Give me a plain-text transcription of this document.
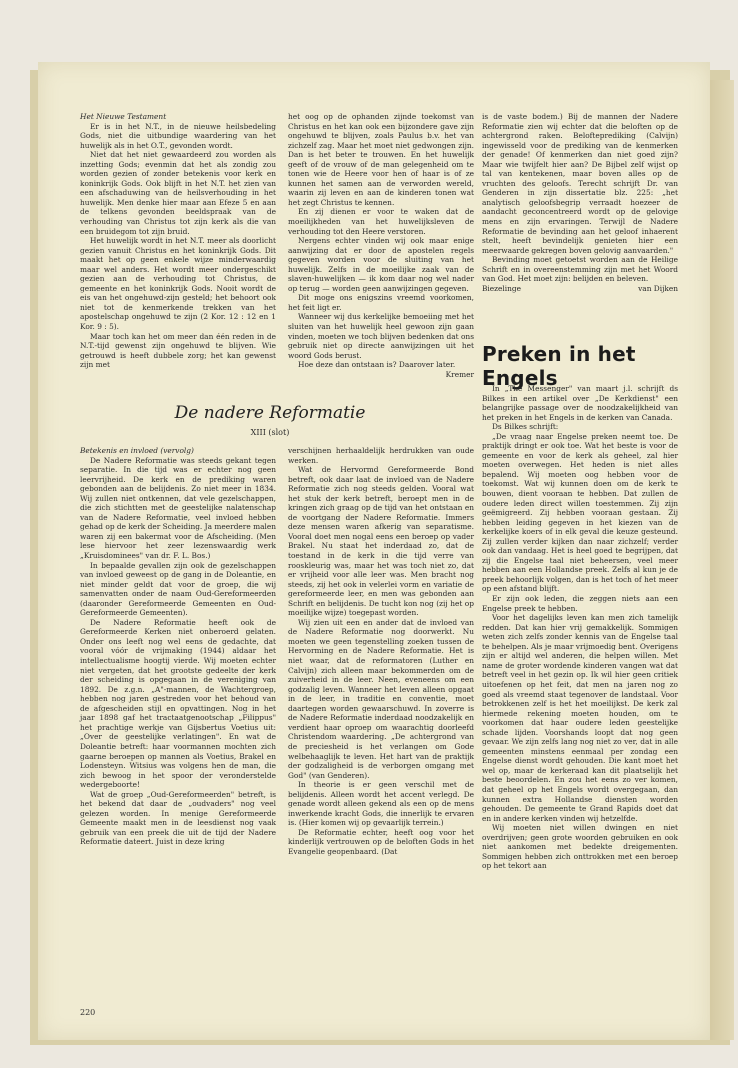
Het Nieuwe Testament

Er is in het N.T., in de nieuwe heilsbedeling Gods, niet die uitbundige waardering van het huwelijk als in het O.T., gevonden wordt.

Niet dat het niet gewaardeerd zou worden als inzetting Gods; evenmin dat het als zondig zou worden gezien of zonder betekenis voor kerk en koninkrijk Gods. Ook blijft in het N.T. het zien van een afschaduwing van de heilsverhouding in het huwelijk. Men denke hier maar aan Efeze 5 en aan de telkens gevonden beeldspraak van de verhouding van Christus tot zijn kerk als die van een bruidegom tot zijn bruid.

Het huwelijk wordt in het N.T. meer als doorlicht gezien vanuit Christus en het koninkrijk Gods. Dit maakt het op geen enkele wijze minderwaardig maar wel anders. Het wordt meer ondergeschikt gezien aan de verhouding tot Christus, de gemeente en het koninkrijk Gods. Nooit wordt de eis van het ongehuwd-zijn gesteld; het behoort ook niet tot de kenmerkende trekken van het apostelschap ongehuwd te zijn (2 Kor. 12 : 12 en 1 Kor. 9 : 5).

Maar toch kan het om meer dan één reden in de N.T.-tijd gewenst zijn ongehuwd te blijven. Wie getrouwd is heeft dubbele zorg; het kan gewenst zijn met

het oog op de ophanden zijnde toekomst van Christus en het kan ook een bijzondere gave zijn ongehuwd te blijven, zoals Paulus b.v. het van zichzelf zag. Maar het moet niet gedwongen zijn. Dan is het beter te trouwen. En het huwelijk geeft of de vrouw of de man gelegenheid om te tonen wie de Heere voor hen of haar is of ze kunnen het samen aan de verworden wereld, waarin zij leven en aan de kinderen tonen wat het zegt Christus te kennen.

En zij dienen er voor te waken dat de moeilijkheden van het huwelijksleven de verhouding tot den Heere verstoren.

Nergens echter vinden wij ook maar enige aanwijzing dat er door de apostelen regels gegeven worden voor de sluiting van het huwelijk. Zelfs in de moeilijke zaak van de slaven-huwelijken — ik kom daar nog wel nader op terug — worden geen aanwijzingen gegeven.

Dit moge ons enigszins vreemd voorkomen, het feit ligt er.

Wanneer wij dus kerkelijke bemoeiing met het sluiten van het huwelijk heel gewoon zijn gaan vinden, moeten we toch blijven bedenken dat ons gebruik niet op directe aanwijzingen uit het woord Gods berust.

Hoe deze dan ontstaan is? Daarover later.

Kremer

is de vaste bodem.) Bij de mannen der Nadere Reformatie zien wij echter dat die beloften op de achtergrond raken. Belofteprediking (Calvijn) ingewisseld voor de prediking van de kenmerken der genade! Of kenmerken dan niet goed zijn? Maar wie twijfelt hier aan? De Bijbel zelf wijst op tal van kentekenen, maar boven alles op de vruchten des geloofs. Terecht schrijft Dr. van Genderen in zijn dissertatie blz. 225: „het analytisch geloofsbegrip verraadt hoezeer de aandacht geconcentreerd wordt op de gelovige mens en zijn ervaringen. Terwijl de Nadere Reformatie de bevinding aan het geloof inhaerent stelt, heeft bevindelijk genieten hier een meerwaarde gekregen boven gelovig aanvaarden."

Bevinding moet getoetst worden aan de Heilige Schrift en in overeenstemming zijn met het Woord van God. Het moet zijn: belijden en beleven.

Biezelinge	van Dijken
Preken in het Engels

In „The Messenger" van maart j.l. schrijft ds Bilkes in een artikel over „De Kerkdienst" een belangrijke passage over de noodzakelijkheid van het preken in het Engels in de kerken van Canada.

Ds Bilkes schrijft:

„De vraag naar Engelse preken neemt toe. De praktijk dringt er ook toe. Wat het beste is voor de gemeente en voor de kerk als geheel, zal hier moeten overwegen. Het heden is niet alles bepalend. Wij moeten oog hebben voor de toekomst. Wat wij kunnen doen om de kerk te bouwen, dient vooraan te hebben. Dat zullen de oudere leden direct willen toestemmen. Zij zijn geëmigreerd. Zij hebben vooraan gestaan. Zij hebben leiding gegeven in het kiezen van de kerkelijke koers of in elk geval die keuze gesteund. Zij zullen verder kijken dan naar zichzelf; verder ook dan vandaag. Het is heel goed te begrijpen, dat zij die Engelse taal niet beheersen, veel meer hebben aan een Hollandse preek. Zelfs al kun je de preek behoorlijk volgen, dan is het toch of het meer op een afstand blijft.

Er zijn ook leden, die zeggen niets aan een Engelse preek te hebben.

Voor het dagelijks leven kan men zich tamelijk redden. Dat kan hier vrij gemakkelijk. Sommigen weten zich zelfs zonder kennis van de Engelse taal te behelpen. Als je maar vrijmoedig bent. Overigens zijn er altijd wel anderen, die helpen willen. Met name de groter wordende kinderen vangen wat dat betreft veel in het gezin op. Ik wil hier geen critiek uitoefenen op het feit, dat men na jaren nog zo goed als vreemd staat tegenover de landstaal. Voor betrokkenen zelf is het het moeilijkst. De kerk zal hiermede rekening moeten houden, om te voorkomen dat haar oudere leden geestelijke schade lijden. Voorshands loopt dat nog geen gevaar. We zijn zelfs lang nog niet zo ver, dat in alle gemeenten minstens eenmaal per zondag een Engelse dienst wordt gehouden. Die kant moet het wel op, maar de kerkeraad kan dit plaatselijk het beste beoordelen. En zou het eens zo ver komen, dat geheel op het Engels wordt overgegaan, dan kunnen extra Hollandse diensten worden gehouden. De gemeente te Grand Rapids doet dat en in andere kerken vinden wij hetzelfde.

Wij moeten niet willen dwingen en niet overdrijven; geen grote woorden gebruiken en ook niet aankomen met bedekte dreigementen. Sommigen hebben zich onttrokken met een beroep op het tekort aan

De nadere Reformatie
XIII (slot)

Betekenis en invloed (vervolg)

De Nadere Reformatie was steeds gekant tegen separatie. In die tijd was er echter nog geen leervrijheid. De kerk en de prediking waren gebonden aan de belijdenis. Zo niet meer in 1834. Wij zullen niet ontkennen, dat vele gezelschappen, die zich stichtten met de geestelijke nalatenschap van de Nadere Reformatie, veel invloed hebben gehad op de kerk der Scheiding. Ja meerdere malen waren zij een bakermat voor de Afscheiding. (Men lese hiervoor het zeer lezenswaardig werk „Kruisdominees" van dr. F. L. Bos.)

In bepaalde gevallen zijn ook de gezelschappen van invloed geweest op de gang in de Doleantie, en niet minder geldt dat voor de groep, die wij samenvatten onder de naam Oud-Gereformeerden (daaronder Gereformeerde Gemeenten en Oud-Gereformeerde Gemeenten).

De Nadere Reformatie heeft ook de Gereformeerde Kerken niet onberoerd gelaten. Onder ons leeft nog wel eens de gedachte, dat vooral vóór de vrijmaking (1944) aldaar het intellectualisme hoogtij vierde. Wij moeten echter niet vergeten, dat het grootste gedeelte der kerk der scheiding is opgegaan in de vereniging van 1892. De z.g.n. „A"-mannen, de Wachtergroep, hebben nog jaren gestreden voor het behoud van de afgescheiden stijl en opvattingen. Nog in het jaar 1898 gaf het tractaatgenootschap „Filippus" het prachtige werkje van Gijsbertus Voetius uit: „Over de geestelijke verlatingen". En wat de Doleantie betreft: haar voormannen mochten zich gaarne beroepen op mannen als Voetius, Brakel en Lodensteyn. Witsius was volgens hen de man, die zich bewoog in het spoor der veronderstelde wedergeboorte!

Wat de groep „Oud-Gereformeerden" betreft, is het bekend dat daar de „oudvaders" nog veel gelezen worden. In menige Gereformeerde Gemeente maakt men in de leesdienst nog vaak gebruik van een preek die uit de tijd der Nadere Reformatie dateert. Juist in deze kring

verschijnen herhaaldelijk herdrukken van oude werken.

Wat de Hervormd Gereformeerde Bond betreft, ook daar laat de invloed van de Nadere Reformatie zich nog steeds gelden. Vooral wat het stuk der kerk betreft, beroept men in de kringen zich graag op de tijd van het ontstaan en de voortgang der Nadere Reformatie. Immers deze mensen waren afkerig van separatisme. Vooral doet men nogal eens een beroep op vader Brakel. Nu staat het inderdaad zo, dat de toestand in de kerk in die tijd verre van rooskleurig was, maar het was toch niet zo, dat er vrijheid voor alle leer was. Men bracht nog steeds, zij het ook in velerlei vorm en variatie de gereformeerde leer, en men was gebonden aan Schrift en belijdenis. De tucht kon nog (zij het op moeilijke wijze) toegepast worden.

Wij zien uit een en ander dat de invloed van de Nadere Reformatie nog doorwerkt. Nu moeten we geen tegenstelling zoeken tussen de Hervorming en de Nadere Reformatie. Het is niet waar, dat de reformatoren (Luther en Calvijn) zich alleen maar bekommerden om de zuiverheid in de leer. Neen, eveneens om een godzalig leven. Wanneer het leven alleen opgaat in de leer, in traditie en conventie, moet daartegen worden gewaarschuwd. In zoverre is de Nadere Reformatie inderdaad noodzakelijk en verdient haar oproep om waarachtig doorleefd Christendom waardering. „De achtergrond van de preciesheid is het verlangen om Gode welbehaaglijk te leven. Het hart van de praktijk der godzaligheid is de verborgen omgang met God" (van Genderen).

In theorie is er geen verschil met de belijdenis. Alleen wordt het accent verlegd. De genade wordt alleen gekend als een op de mens inwerkende kracht Gods, die innerlijk te ervaren is. (Hier komen wij op gevaarlijk terrein.)

De Reformatie echter, heeft oog voor het kinderlijk vertrouwen op de beloften Gods in het Evangelie geopenbaard. (Dat

220
